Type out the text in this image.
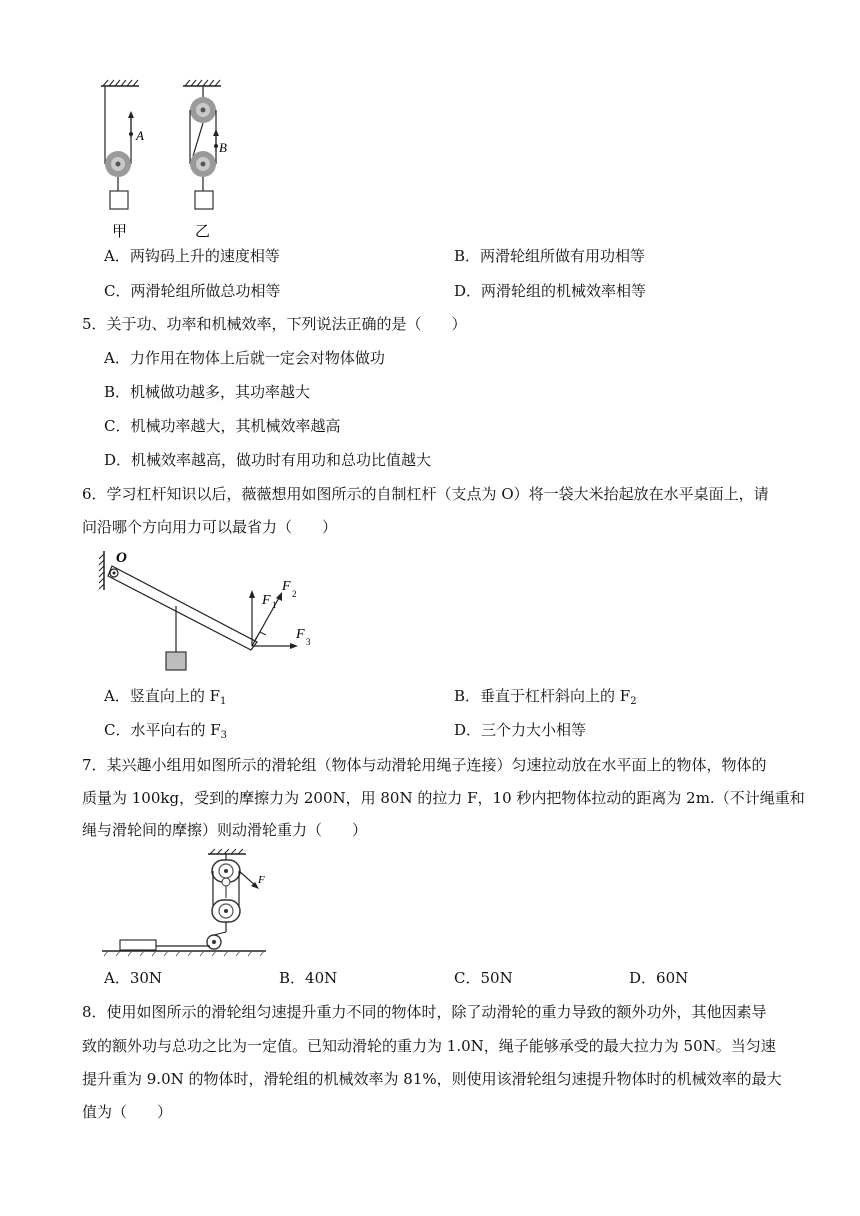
A
B
甲	乙
A．两钩码上升的速度相等	B．两滑轮组所做有用功相等
C．两滑轮组所做总功相等	D．两滑轮组的机械效率相等
5．关于功、功率和机械效率，下列说法正确的是（　　）
A．力作用在物体上后就一定会对物体做功
B．机械做功越多，其功率越大
C．机械功率越大，其机械效率越高
D．机械效率越高，做功时有用功和总功比值越大
6．学习杠杆知识以后，薇薇想用如图所示的自制杠杆（支点为 O）将一袋大米抬起放在水平桌面上，请
问沿哪个方向用力可以最省力（　　）
O
F 1
F 2
F 3
A．竖直向上的 $F_1$	B．垂直于杠杆斜向上的 $F_2$
C．水平向右的 $F_3$	D．三个力大小相等
7．某兴趣小组用如图所示的滑轮组（物体与动滑轮用绳子连接）匀速拉动放在水平面上的物体，物体的
质量为 100kg，受到的摩擦力为 200N，用 80N 的拉力 F，10 秒内把物体拉动的距离为 2m.（不计绳重和
绳与滑轮间的摩擦）则动滑轮重力（　　）
F
A．30N	B．40N	C．50N	D．60N
8．使用如图所示的滑轮组匀速提升重力不同的物体时，除了动滑轮的重力导致的额外功外，其他因素导
致的额外功与总功之比为一定值。已知动滑轮的重力为 1.0N，绳子能够承受的最大拉力为 50N。当匀速
提升重为 9.0N 的物体时，滑轮组的机械效率为 81%，则使用该滑轮组匀速提升物体时的机械效率的最大
值为（　　）
